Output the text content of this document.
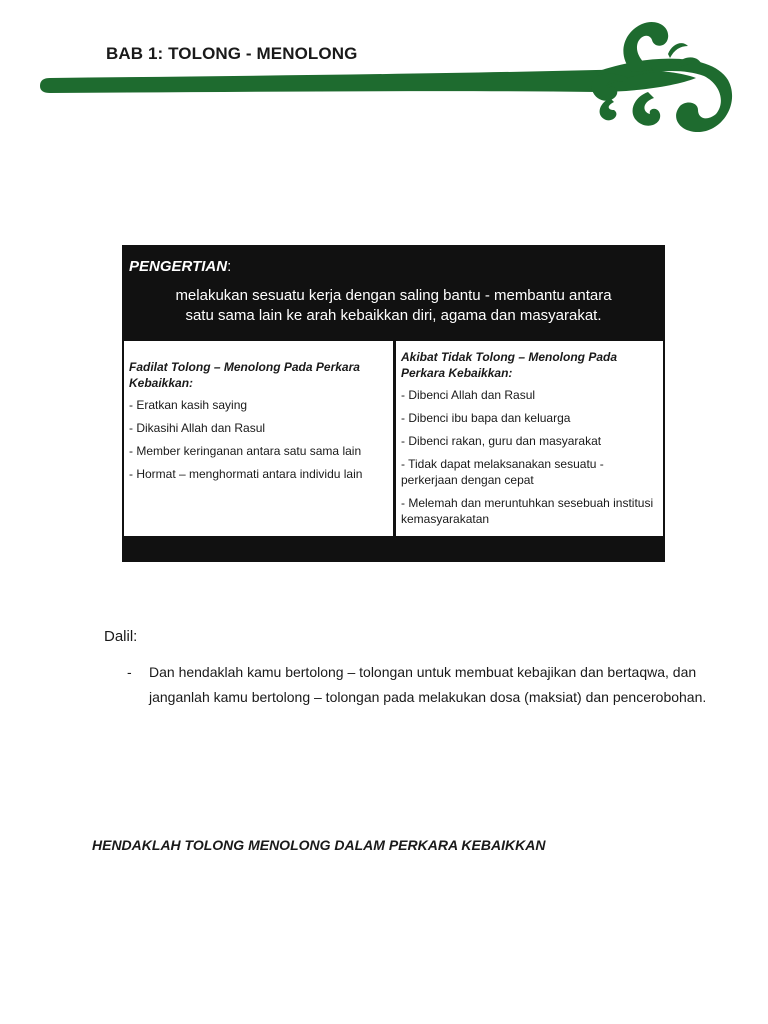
BAB 1: TOLONG - MENOLONG
PENGERTIAN:
melakukan sesuatu kerja dengan saling bantu - membantu antara
satu sama lain ke arah kebaikkan diri, agama dan masyarakat.
Fadilat Tolong – Menolong Pada Perkara Kebaikkan:
- Eratkan kasih saying
- Dikasihi Allah dan Rasul
- Member keringanan antara satu sama lain
- Hormat – menghormati antara individu lain
Akibat Tidak Tolong – Menolong Pada Perkara Kebaikkan:
- Dibenci Allah dan Rasul
- Dibenci ibu bapa dan keluarga
- Dibenci rakan, guru dan masyarakat
- Tidak dapat melaksanakan sesuatu - perkerjaan dengan cepat
- Melemah dan meruntuhkan sesebuah institusi kemasyarakatan
Dalil:
- Dan hendaklah kamu bertolong – tolongan untuk membuat kebajikan dan bertaqwa, dan janganlah kamu bertolong – tolongan pada melakukan dosa (maksiat) dan pencerobohan.
HENDAKLAH TOLONG MENOLONG DALAM PERKARA KEBAIKKAN
